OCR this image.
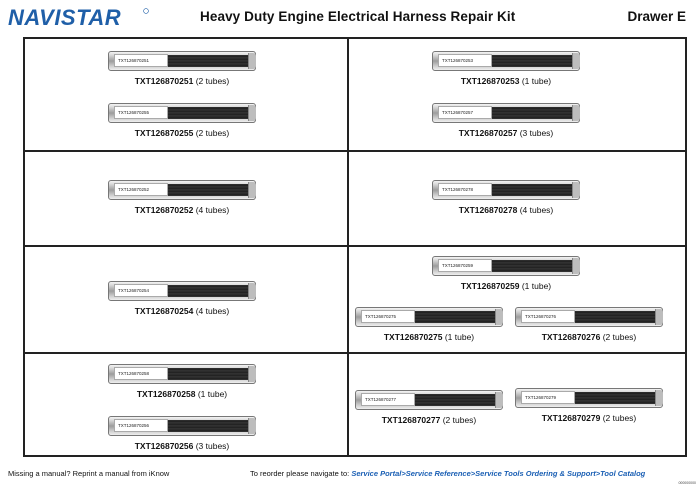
NAVISTAR	Heavy Duty Engine Electrical Harness Repair Kit	Drawer E
TXT126870251
TXT126870251 (2 tubes)
TXT126870255
TXT126870255 (2 tubes)
TXT126870253
TXT126870253 (1 tube)
TXT126870257
TXT126870257 (3 tubes)
TXT126870252
TXT126870252 (4 tubes)
TXT126870278
TXT126870278 (4 tubes)
TXT126870254
TXT126870254 (4 tubes)
TXT126870259
TXT126870259 (1 tube)
TXT126870275
TXT126870275 (1 tube)
TXT126870276
TXT126870276 (2 tubes)
TXT126870258
TXT126870258 (1 tube)
TXT126870256
TXT126870256 (3 tubes)
TXT126870277
TXT126870277 (2 tubes)
TXT126870279
TXT126870279 (2 tubes)
Missing a manual? Reprint a manual from iKnow	To reorder please navigate to: Service Portal>Service Reference>Service Tools Ordering & Support>Tool Catalog
000000000
